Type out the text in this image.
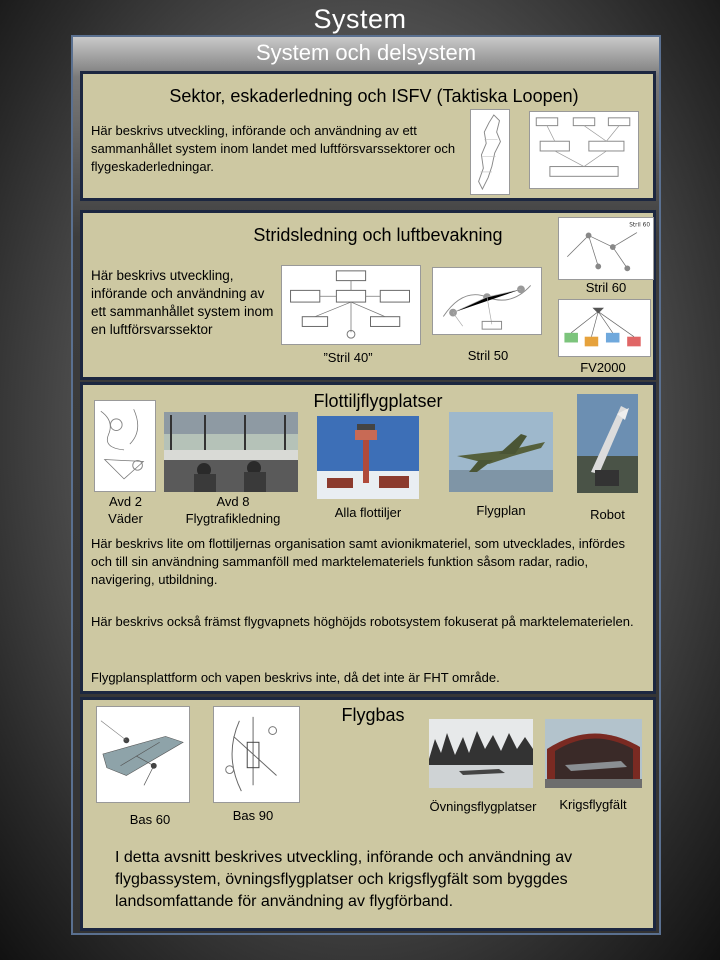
System
System och delsystem
Sektor, eskaderledning och ISFV (Taktiska Loopen)
Här beskrivs utveckling, införande och användning av ett sammanhållet system inom landet med luftförsvarssektorer och flygeskaderledningar.
Stridsledning och luftbevakning
Här beskrivs utveckling, införande och användning av ett sammanhållet system inom en luftförsvarssektor
”Stril 40”	Stril 50
Stril 60
Stril 60
FV2000
Flottiljflygplatser
Avd 2
Väder
Avd 8
Flygtrafikledning	Alla flottiljer	Flygplan	Robot
Här beskrivs lite om flottiljernas organisation samt avionikmateriel, som utvecklades, infördes och till sin användning sammanföll med marktelemateriels funktion såsom radar, radio, navigering, utbildning.
Här beskrivs också främst flygvapnets höghöjds robotsystem fokuserat på marktelematerielen.
Flygplansplattform och vapen beskrivs inte, då det inte är FHT område.
Flygbas
Bas 60	Bas 90
Övningsflygplatser	Krigsflygfält
I detta avsnitt beskrives utveckling, införande och användning av flygbassystem, övningsflygplatser och krigsflygfält som byggdes landsomfattande för användning av flygförband.
